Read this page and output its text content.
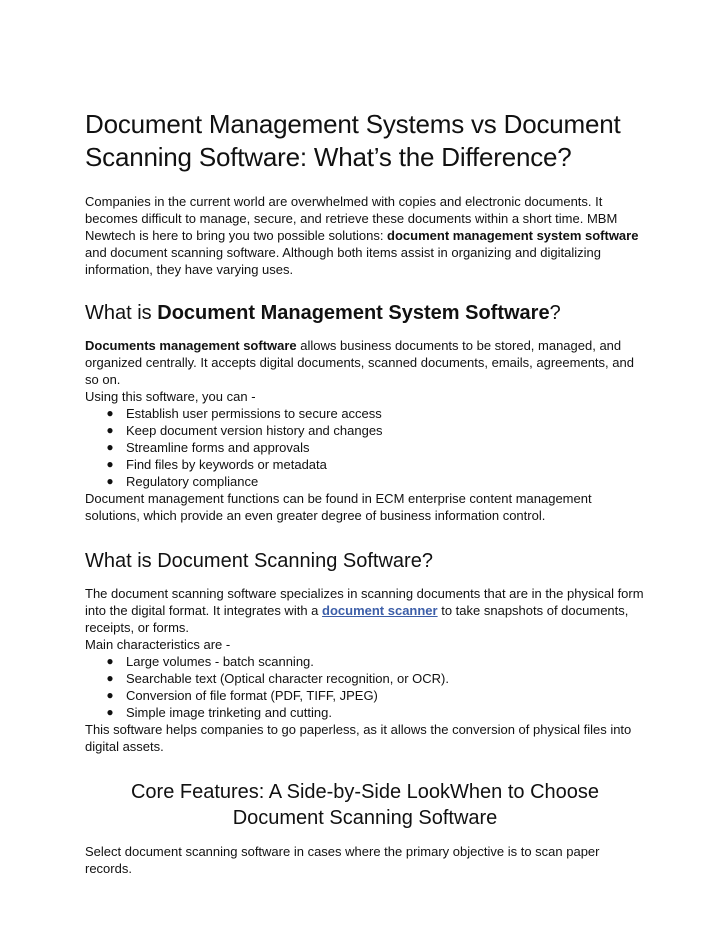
Document Management Systems vs Document Scanning Software: What’s the Difference?

Companies in the current world are overwhelmed with copies and electronic documents. It becomes difficult to manage, secure, and retrieve these documents within a short time. MBM Newtech is here to bring you two possible solutions: document management system software and document scanning software. Although both items assist in organizing and digitalizing information, they have varying uses.

What is Document Management System Software?

Documents management software allows business documents to be stored, managed, and organized centrally. It accepts digital documents, scanned documents, emails, agreements, and so on.

Using this software, you can -

● Establish user permissions to secure access
● Keep document version history and changes
● Streamline forms and approvals
● Find files by keywords or metadata
● Regulatory compliance

Document management functions can be found in ECM enterprise content management solutions, which provide an even greater degree of business information control.

What is Document Scanning Software?

The document scanning software specializes in scanning documents that are in the physical form into the digital format. It integrates with a document scanner to take snapshots of documents, receipts, or forms.

Main characteristics are -

● Large volumes - batch scanning.
● Searchable text (Optical character recognition, or OCR).
● Conversion of file format (PDF, TIFF, JPEG)
● Simple image trinketing and cutting.

This software helps companies to go paperless, as it allows the conversion of physical files into digital assets.

Core Features: A Side-by-Side LookWhen to Choose Document Scanning Software

Select document scanning software in cases where the primary objective is to scan paper records.
